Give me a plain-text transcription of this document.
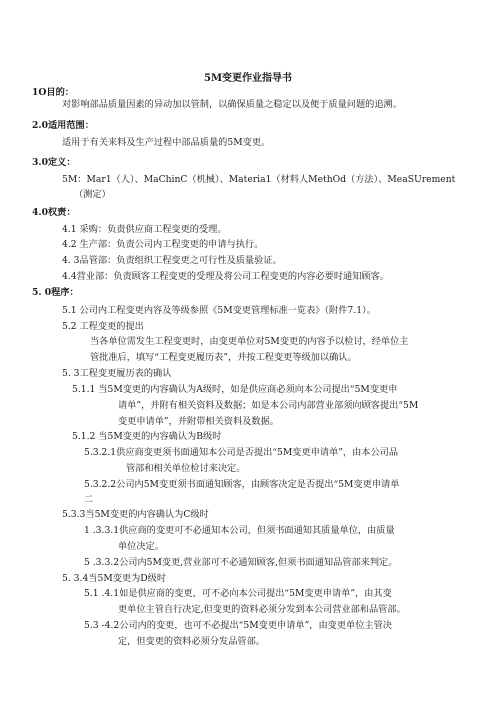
5M变更作业指导书
1O目的：
对影响部品质量因素的异动加以管制，以确保质量之稳定以及便于质量问题的追溯。
2.0适用范围：
适用于有关来料及生产过程中部品质量的5M变更。
3.0定义：
5M：Mar1（人）、MaChinC（机械）、Materia1（材料人MethOd（方法）、MeaSUrement
（测定）
4.0权责：
4.1 采购：负责供应商工程变更的受理。
4.2 生产部：负责公司内工程变更的申请与执行。
4. 3品管部：负责组织工程变更之可行性及质量验证。
4.4营业部：负责顾客工程变更的受理及将公司工程变更的内容必要时通知顾客。
5. 0程序：
5.1 公司内工程变更内容及等级参照《5M变更管理标准一览表》（附件7.1）。
5.2 工程变更的提出
当各单位需发生工程变更时，由变更单位对5M变更的内容予以检讨，经单位主
管批准后，填写“工程变更履历表”，并按工程变更等级加以确认。
5. 3工程变更履历表的确认
5.1.1 当5M变更的内容确认为A级时，如是供应商必须向本公司提出“5M变更申
请单”，并附有相关资料及数据；如是本公司内部营业部须向顾客提出“5M
变更申请单”，并附带相关资料及数据。
5.1.2 当5M变更的内容确认为B级时
5.3.2.1供应商变更须书面通知本公司是否提出“5M变更申请单”，由本公司品
管部和相关单位检讨来决定。
5.3.2.2公司内5M变更须书面通知顾客，由顾客决定是否提出“5M变更申请单
二
5.3.3当5M变更的内容确认为C级时
1 .3.3.1供应商的变更可不必通知本公司，但须书面通知其质量单位，由质量
单位决定。
5 .3.3.2公司内5M变更,营业部可不必通知顾客,但须书面通知品管部来判定。
5. 3.4当5M变更为D级时
5.1 .4.1如是供应商的变更，可不必向本公司提出“5M变更申请单”，由其变
更单位主管自行决定,但变更的资料必须分发到本公司营业部和品管部。
5.3 -4.2公司内的变更，也可不必提出“5M变更申请单”，由变更单位主管决
定，但变更的资料必须分发品管部。
